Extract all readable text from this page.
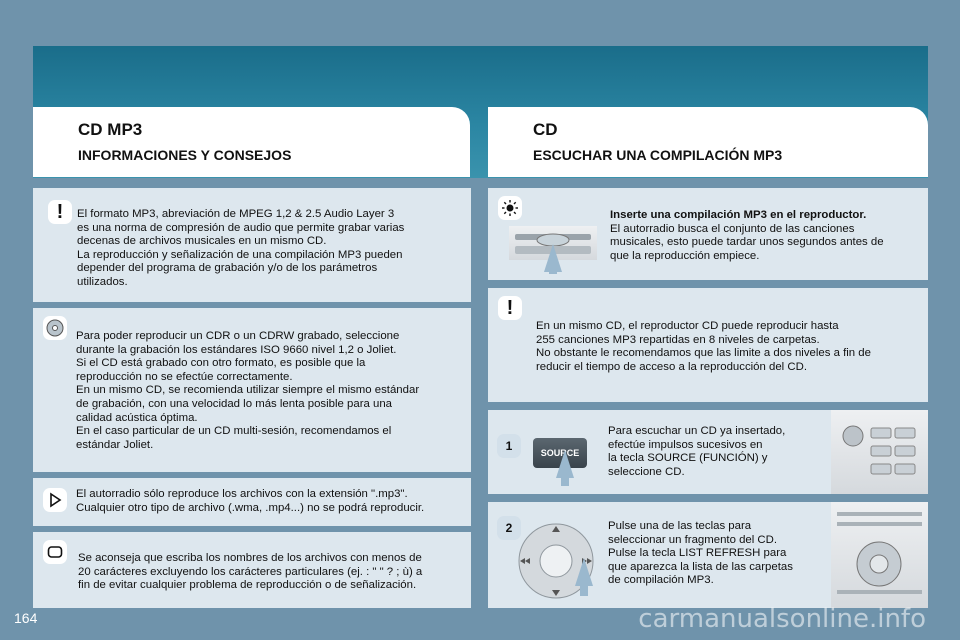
CD MP3
INFORMACIONES Y CONSEJOS
CD
ESCUCHAR UNA COMPILACIÓN MP3
! El formato MP3, abreviación de MPEG 1,2 & 2.5 Audio Layer 3
es una norma de compresión de audio que permite grabar varias
decenas de archivos musicales en un mismo CD.
La reproducción y señalización de una compilación MP3 pueden
depender del programa de grabación y/o de los parámetros
utilizados.
Para poder reproducir un CDR o un CDRW grabado, seleccione
durante la grabación los estándares ISO 9660 nivel 1,2 o Joliet.
Si el CD está grabado con otro formato, es posible que la
reproducción no se efectúe correctamente.
En un mismo CD, se recomienda utilizar siempre el mismo estándar
de grabación, con una velocidad lo más lenta posible para una
calidad acústica óptima.
En el caso particular de un CD multi-sesión, recomendamos el
estándar Joliet.
El autorradio sólo reproduce los archivos con la extensión ".mp3".
Cualquier otro tipo de archivo (.wma, .mp4...) no se podrá reproducir.
Se aconseja que escriba los nombres de los archivos con menos de
20 carácteres excluyendo los carácteres particulares (ej. : " " ? ; ù) a
fin de evitar cualquier problema de reproducción o de señalización.
Inserte una compilación MP3 en el reproductor.
El autorradio busca el conjunto de las canciones
musicales, esto puede tardar unos segundos antes de
que la reproducción empiece.
!
En un mismo CD, el reproductor CD puede reproducir hasta
255 canciones MP3 repartidas en 8 niveles de carpetas.
No obstante le recomendamos que las limite a dos niveles a fin de
reducir el tiempo de acceso a la reproducción del CD.
Para escuchar un CD ya insertado,
efectúe impulsos sucesivos en
la tecla SOURCE (FUNCIÓN) y
seleccione CD.
1	SOURCE
Pulse una de las teclas para
seleccionar un fragmento del CD.
Pulse la tecla LIST REFRESH para
que aparezca la lista de las carpetas
de compilación MP3.
2
164	carmanualsonline.info
